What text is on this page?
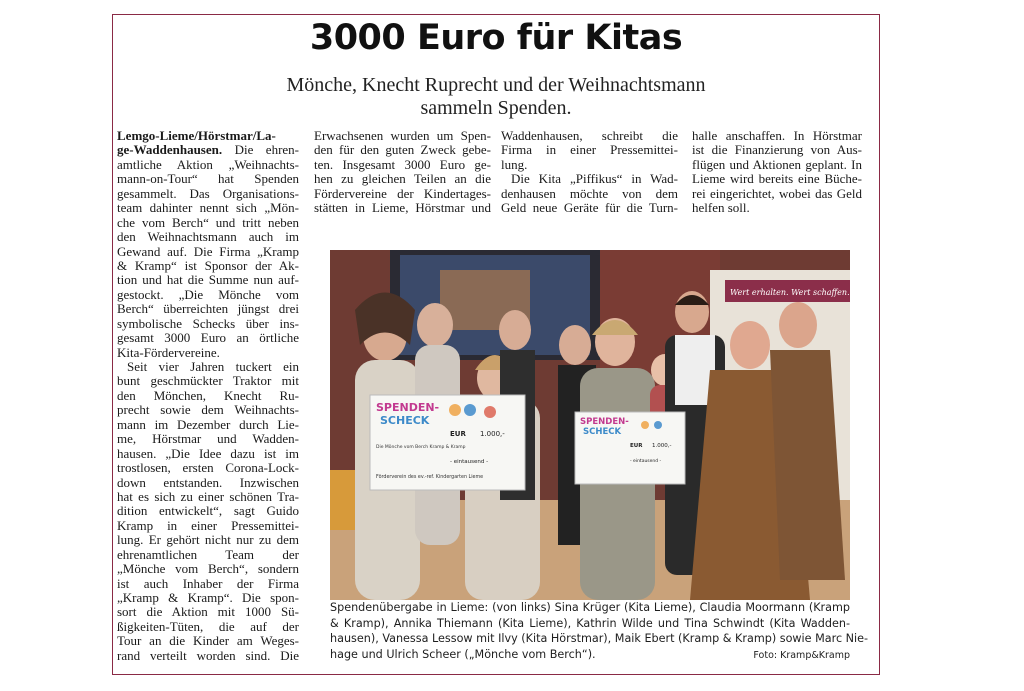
3000 Euro für Kitas
Mönche, Knecht Ruprecht und der Weihnachtsmann
sammeln Spenden.
Lemgo-Lieme/Hörstmar/La-
ge-Waddenhausen. Die ehren-
amtliche Aktion „Weihnachts-
mann-on-Tour“ hat Spenden
gesammelt. Das Organisations-
team dahinter nennt sich „Mön-
che vom Berch“ und tritt neben
den Weihnachtsmann auch im
Gewand auf. Die Firma „Kramp
& Kramp“ ist Sponsor der Ak-
tion und hat die Summe nun auf-
gestockt. „Die Mönche vom
Berch“ überreichten jüngst drei
symbolische Schecks über ins-
gesamt 3000 Euro an örtliche
Kita-Fördervereine.
Seit vier Jahren tuckert ein
bunt geschmückter Traktor mit
den Mönchen, Knecht Ru-
precht sowie dem Weihnachts-
mann im Dezember durch Lie-
me, Hörstmar und Wadden-
hausen. „Die Idee dazu ist im
trostlosen, ersten Corona-Lock-
down entstanden. Inzwischen
hat es sich zu einer schönen Tra-
dition entwickelt“, sagt Guido
Kramp in einer Pressemittei-
lung. Er gehört nicht nur zu dem
ehrenamtlichen Team der
„Mönche vom Berch“, sondern
ist auch Inhaber der Firma
„Kramp & Kramp“. Die spon-
sort die Aktion mit 1000 Sü-
ßigkeiten-Tüten, die auf der
Tour an die Kinder am Weges-
rand verteilt worden sind. Die
Erwachsenen wurden um Spen-
den für den guten Zweck gebe-
ten. Insgesamt 3000 Euro ge-
hen zu gleichen Teilen an die
Fördervereine der Kindertages-
stätten in Lieme, Hörstmar und
Waddenhausen, schreibt die
Firma in einer Pressemittei-
lung.
Die Kita „Piffikus“ in Wad-
denhausen möchte von dem
Geld neue Geräte für die Turn-
halle anschaffen. In Hörstmar
ist die Finanzierung von Aus-
flügen und Aktionen geplant. In
Lieme wird bereits eine Büche-
rei eingerichtet, wobei das Geld
helfen soll.
Wert erhalten. Wert schaffen.
SPENDEN-
SCHECK
EUR 1.000,-
Die Mönche vom Berch Kramp & Kramp
- eintausend -
Förderverein des ev.-ref. Kindergarten Lieme
SPENDEN-
SCHECK
EUR 1.000,-
- eintausend -
Spendenübergabe in Lieme: (von links) Sina Krüger (Kita Lieme), Claudia Moormann (Kramp
& Kramp), Annika Thiemann (Kita Lieme), Kathrin Wilde und Tina Schwindt (Kita Wadden-
hausen), Vanessa Lessow mit Ilvy (Kita Hörstmar), Maik Ebert (Kramp & Kramp) sowie Marc Nie-
hage und Ulrich Scheer („Mönche vom Berch“).	Foto: Kramp&Kramp
